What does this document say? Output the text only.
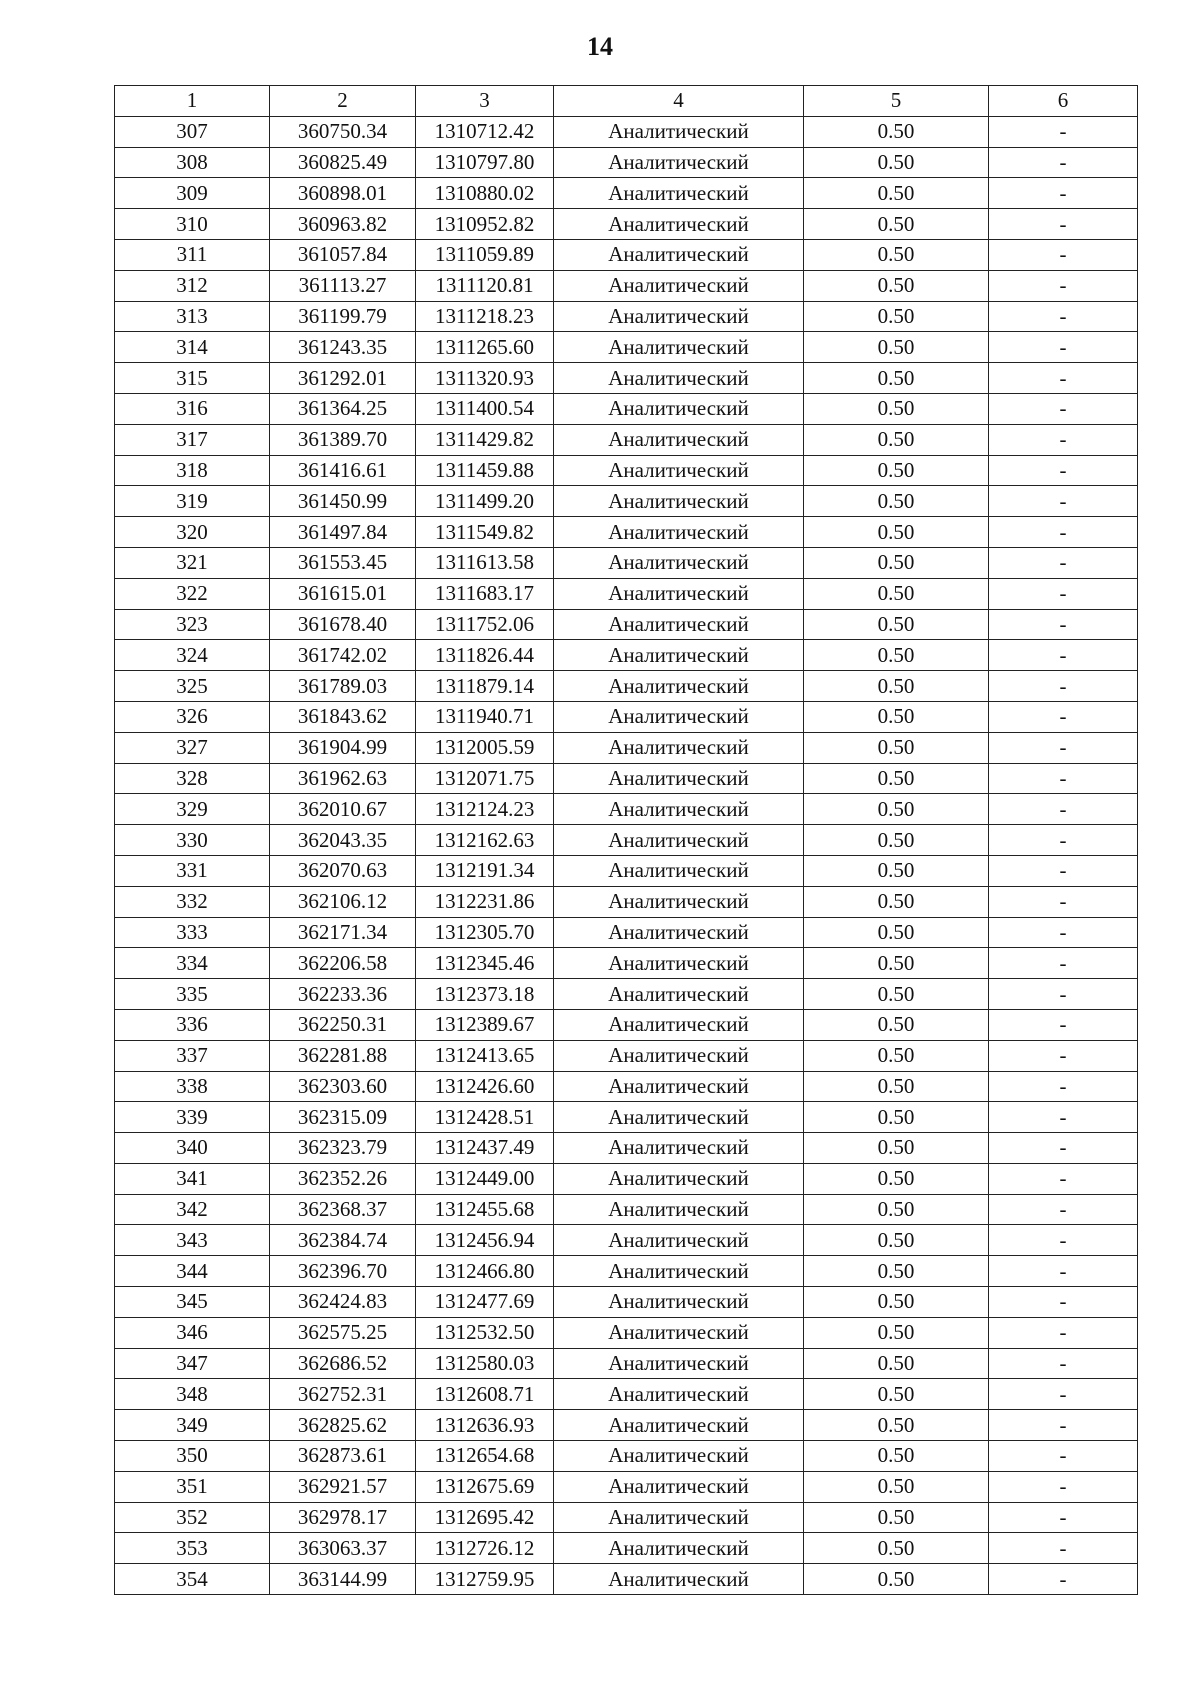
14
1	2	3	4	5	6
307	360750.34	1310712.42	Аналитический	0.50	-
308	360825.49	1310797.80	Аналитический	0.50	-
309	360898.01	1310880.02	Аналитический	0.50	-
310	360963.82	1310952.82	Аналитический	0.50	-
311	361057.84	1311059.89	Аналитический	0.50	-
312	361113.27	1311120.81	Аналитический	0.50	-
313	361199.79	1311218.23	Аналитический	0.50	-
314	361243.35	1311265.60	Аналитический	0.50	-
315	361292.01	1311320.93	Аналитический	0.50	-
316	361364.25	1311400.54	Аналитический	0.50	-
317	361389.70	1311429.82	Аналитический	0.50	-
318	361416.61	1311459.88	Аналитический	0.50	-
319	361450.99	1311499.20	Аналитический	0.50	-
320	361497.84	1311549.82	Аналитический	0.50	-
321	361553.45	1311613.58	Аналитический	0.50	-
322	361615.01	1311683.17	Аналитический	0.50	-
323	361678.40	1311752.06	Аналитический	0.50	-
324	361742.02	1311826.44	Аналитический	0.50	-
325	361789.03	1311879.14	Аналитический	0.50	-
326	361843.62	1311940.71	Аналитический	0.50	-
327	361904.99	1312005.59	Аналитический	0.50	-
328	361962.63	1312071.75	Аналитический	0.50	-
329	362010.67	1312124.23	Аналитический	0.50	-
330	362043.35	1312162.63	Аналитический	0.50	-
331	362070.63	1312191.34	Аналитический	0.50	-
332	362106.12	1312231.86	Аналитический	0.50	-
333	362171.34	1312305.70	Аналитический	0.50	-
334	362206.58	1312345.46	Аналитический	0.50	-
335	362233.36	1312373.18	Аналитический	0.50	-
336	362250.31	1312389.67	Аналитический	0.50	-
337	362281.88	1312413.65	Аналитический	0.50	-
338	362303.60	1312426.60	Аналитический	0.50	-
339	362315.09	1312428.51	Аналитический	0.50	-
340	362323.79	1312437.49	Аналитический	0.50	-
341	362352.26	1312449.00	Аналитический	0.50	-
342	362368.37	1312455.68	Аналитический	0.50	-
343	362384.74	1312456.94	Аналитический	0.50	-
344	362396.70	1312466.80	Аналитический	0.50	-
345	362424.83	1312477.69	Аналитический	0.50	-
346	362575.25	1312532.50	Аналитический	0.50	-
347	362686.52	1312580.03	Аналитический	0.50	-
348	362752.31	1312608.71	Аналитический	0.50	-
349	362825.62	1312636.93	Аналитический	0.50	-
350	362873.61	1312654.68	Аналитический	0.50	-
351	362921.57	1312675.69	Аналитический	0.50	-
352	362978.17	1312695.42	Аналитический	0.50	-
353	363063.37	1312726.12	Аналитический	0.50	-
354	363144.99	1312759.95	Аналитический	0.50	-
